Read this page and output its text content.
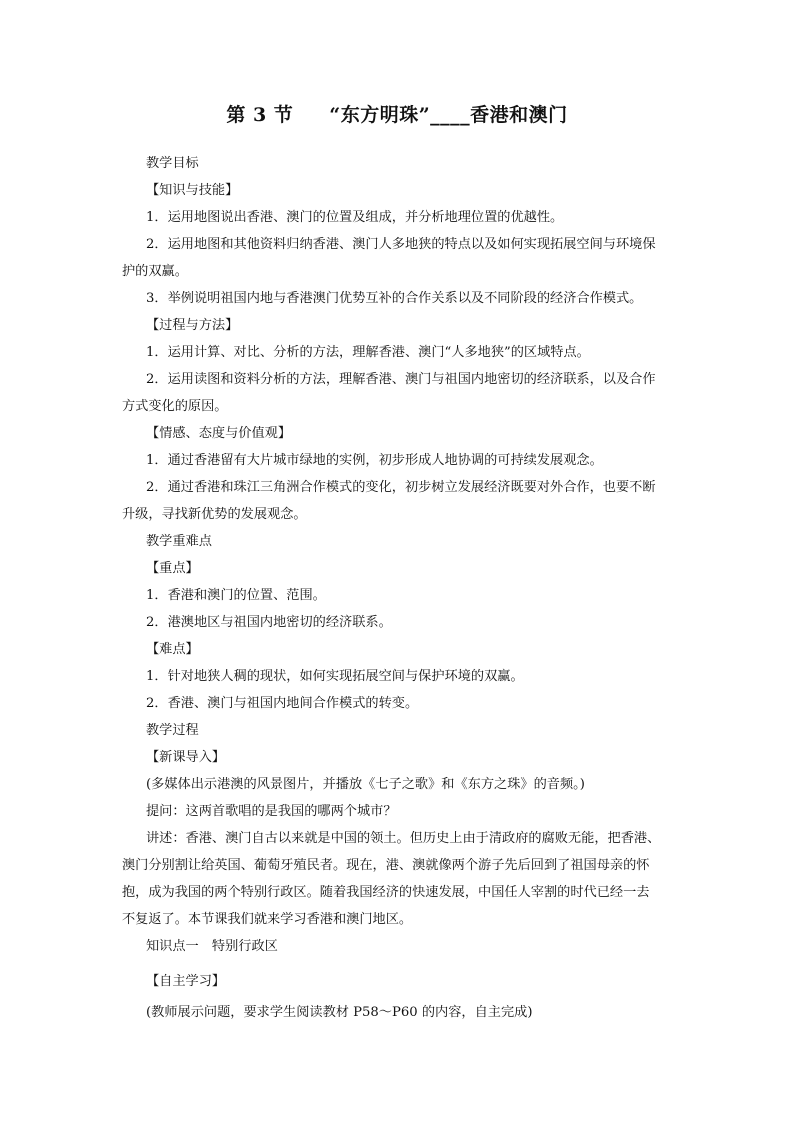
第 3 节 “东方明珠”____香港和澳门

教学目标

【知识与技能】

1．运用地图说出香港、澳门的位置及组成，并分析地理位置的优越性。

2．运用地图和其他资料归纳香港、澳门人多地狭的特点以及如何实现拓展空间与环境保

护的双赢。

3．举例说明祖国内地与香港澳门优势互补的合作关系以及不同阶段的经济合作模式。

【过程与方法】

1．运用计算、对比、分析的方法，理解香港、澳门“人多地狭”的区域特点。

2．运用读图和资料分析的方法，理解香港、澳门与祖国内地密切的经济联系，以及合作

方式变化的原因。

【情感、态度与价值观】

1．通过香港留有大片城市绿地的实例，初步形成人地协调的可持续发展观念。

2．通过香港和珠江三角洲合作模式的变化，初步树立发展经济既要对外合作，也要不断

升级，寻找新优势的发展观念。

教学重难点

【重点】

1．香港和澳门的位置、范围。

2．港澳地区与祖国内地密切的经济联系。

【难点】

1．针对地狭人稠的现状，如何实现拓展空间与保护环境的双赢。

2．香港、澳门与祖国内地间合作模式的转变。

教学过程

【新课导入】

(多媒体出示港澳的风景图片，并播放《七子之歌》和《东方之珠》的音频。)

提问：这两首歌唱的是我国的哪两个城市？

讲述：香港、澳门自古以来就是中国的领土。但历史上由于清政府的腐败无能，把香港、

澳门分别割让给英国、葡萄牙殖民者。现在，港、澳就像两个游子先后回到了祖国母亲的怀

抱，成为我国的两个特别行政区。随着我国经济的快速发展，中国任人宰割的时代已经一去

不复返了。本节课我们就来学习香港和澳门地区。

知识点一　特别行政区

【自主学习】

(教师展示问题，要求学生阅读教材 P58～P60 的内容，自主完成)
